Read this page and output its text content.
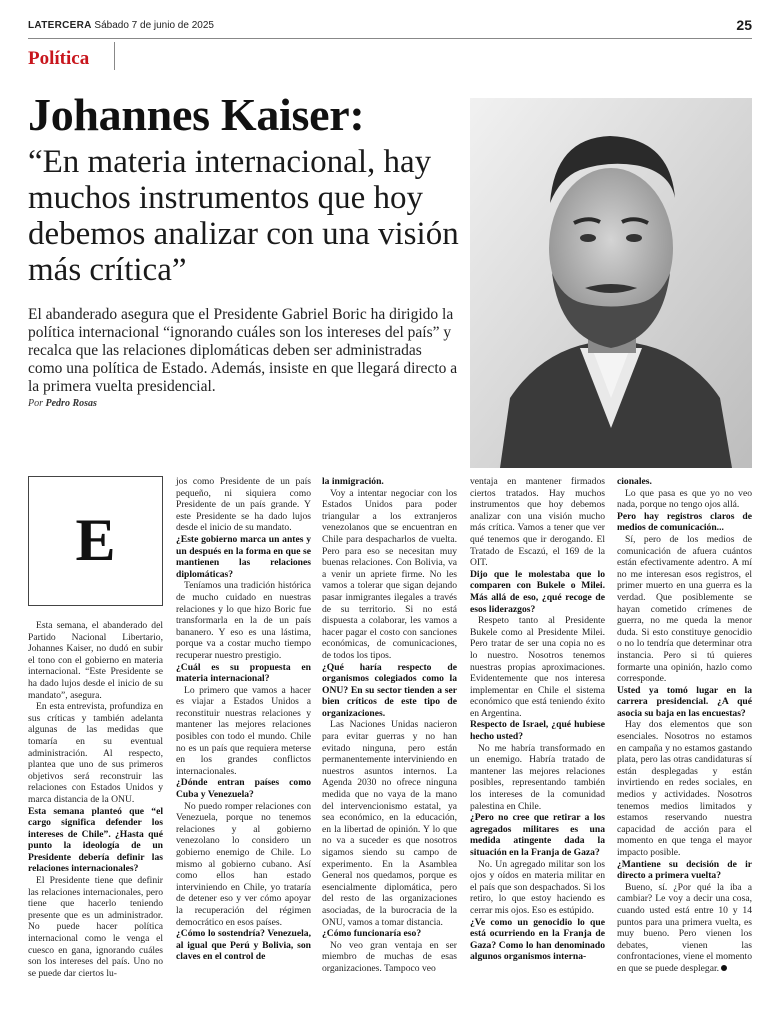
LATERCERA Sábado 7 de junio de 2025	25
Política
Johannes Kaiser:
“En materia internacional, hay muchos instrumentos que hoy debemos analizar con una visión más crítica”

El abanderado asegura que el Presidente Gabriel Boric ha dirigido la política internacional “ignorando cuáles son los intereses del país” y recalca que las relaciones diplomáticas deben ser administradas como una política de Estado. Además, insiste en que llegará directo a la primera vuelta presidencial.

Por Pedro Rosas
E

Esta semana, el abanderado del Partido Nacional Libertario, Johannes Kaiser, no dudó en subir el tono con el gobierno en materia internacional. “Este Presidente se ha dado lujos desde el inicio de su mandato”, asegura.

En esta entrevista, profundiza en sus críticas y también adelanta algunas de las medidas que tomaría en su eventual administración. Al respecto, plantea que uno de sus primeros objetivos será reconstruir las relaciones con Estados Unidos y marca distancia de la ONU.

Esta semana planteó que “el cargo significa defender los intereses de Chile”. ¿Hasta qué punto la ideología de un Presidente debería definir las relaciones internacionales?

El Presidente tiene que definir las relaciones internacionales, pero tiene que hacerlo teniendo presente que es un administrador. No puede hacer política internacional como le venga el cuesco en gana, ignorando cuáles son los intereses del país. Uno no se puede dar ciertos lu-

jos como Presidente de un país pequeño, ni siquiera como Presidente de un país grande. Y este Presidente se ha dado lujos desde el inicio de su mandato.

¿Este gobierno marca un antes y un después en la forma en que se mantienen las relaciones diplomáticas?

Teníamos una tradición histórica de mucho cuidado en nuestras relaciones y lo que hizo Boric fue transformarla en la de un país bananero. Y eso es una lástima, porque va a costar mucho tiempo recuperar nuestro prestigio.

¿Cuál es su propuesta en materia internacional?

Lo primero que vamos a hacer es viajar a Estados Unidos a reconstituir nuestras relaciones y mantener las mejores relaciones posibles con todo el mundo. Chile no es un país que requiera meterse en los grandes conflictos internacionales.

¿Dónde entran países como Cuba y Venezuela?

No puedo romper relaciones con Venezuela, porque no tenemos relaciones y al gobierno venezolano lo considero un gobierno enemigo de Chile. Lo mismo al gobierno cubano. Así como ellos han estado interviniendo en Chile, yo trataría de detener eso y ver cómo apoyar la recuperación del régimen democrático en esos países.

¿Cómo lo sostendría? Venezuela, al igual que Perú y Bolivia, son claves en el control de

la inmigración.

Voy a intentar negociar con los Estados Unidos para poder triangular a los extranjeros venezolanos que se encuentran en Chile para despacharlos de vuelta. Pero para eso se necesitan muy buenas relaciones. Con Bolivia, va a venir un apriete firme. No les vamos a tolerar que sigan dejando pasar inmigrantes ilegales a través de su territorio. Si no está dispuesta a colaborar, les vamos a hacer pagar el costo con sanciones económicas, de comunicaciones, de todos los tipos.

¿Qué haría respecto de organismos colegiados como la ONU? En su sector tienden a ser bien críticos de este tipo de organizaciones.

Las Naciones Unidas nacieron para evitar guerras y no han evitado ninguna, pero están permanentemente interviniendo en nuestros asuntos internos. La Agenda 2030 no ofrece ninguna medida que no vaya de la mano del intervencionismo estatal, ya sea económico, en la educación, en la libertad de opinión. Y lo que no va a suceder es que nosotros sigamos siendo su campo de experimento. En la Asamblea General nos quedamos, porque es esencialmente diplomática, pero del resto de las organizaciones asociadas, de la burocracia de la ONU, vamos a tomar distancia.

¿Cómo funcionaría eso?

No veo gran ventaja en ser miembro de muchas de esas organizaciones. Tampoco veo

ventaja en mantener firmados ciertos tratados. Hay muchos instrumentos que hoy debemos analizar con una visión mucho más crítica. Vamos a tener que ver qué tenemos que ir derogando. El Tratado de Escazú, el 169 de la OIT.

Dijo que le molestaba que lo comparen con Bukele o Milei. Más allá de eso, ¿qué recoge de esos liderazgos?

Respeto tanto al Presidente Bukele como al Presidente Milei. Pero tratar de ser una copia no es lo nuestro. Nosotros tenemos nuestras propias aproximaciones. Evidentemente que nos interesa implementar en Chile el sistema económico que está teniendo éxito en Argentina.

Respecto de Israel, ¿qué hubiese hecho usted?

No me habría transformado en un enemigo. Habría tratado de mantener las mejores relaciones posibles, representando también los intereses de la comunidad palestina en Chile.

¿Pero no cree que retirar a los agregados militares es una medida atingente dada la situación en la Franja de Gaza?

No. Un agregado militar son los ojos y oídos en materia militar en el país que son despachados. Si los retiro, lo que estoy haciendo es cerrar mis ojos. Eso es estúpido.

¿Ve como un genocidio lo que está ocurriendo en la Franja de Gaza? Como lo han denominado algunos organismos interna-

cionales.

Lo que pasa es que yo no veo nada, porque no tengo ojos allá.

Pero hay registros claros de medios de comunicación...

Sí, pero de los medios de comunicación de afuera cuántos están efectivamente adentro. A mí no me interesan esos registros, el primer muerto en una guerra es la verdad. Que posiblemente se hayan cometido crímenes de guerra, no me queda la menor duda. Si esto constituye genocidio o no lo tendría que determinar otra instancia. Pero si tú quieres formarte una opinión, hazlo como corresponde.

Usted ya tomó lugar en la carrera presidencial. ¿A qué asocia su baja en las encuestas?

Hay dos elementos que son esenciales. Nosotros no estamos en campaña y no estamos gastando plata, pero las otras candidaturas sí están desplegadas y están invirtiendo en redes sociales, en medios y actividades. Nosotros tenemos medios limitados y estamos reservando nuestra capacidad de acción para el momento en que tenga el mayor impacto posible.

¿Mantiene su decisión de ir directo a primera vuelta?

Bueno, sí. ¿Por qué la iba a cambiar? Le voy a decir una cosa, cuando usted está entre 10 y 14 puntos para una primera vuelta, es muy bueno. Pero vienen los debates, vienen las confrontaciones, viene el momento en que se puede desplegar.
